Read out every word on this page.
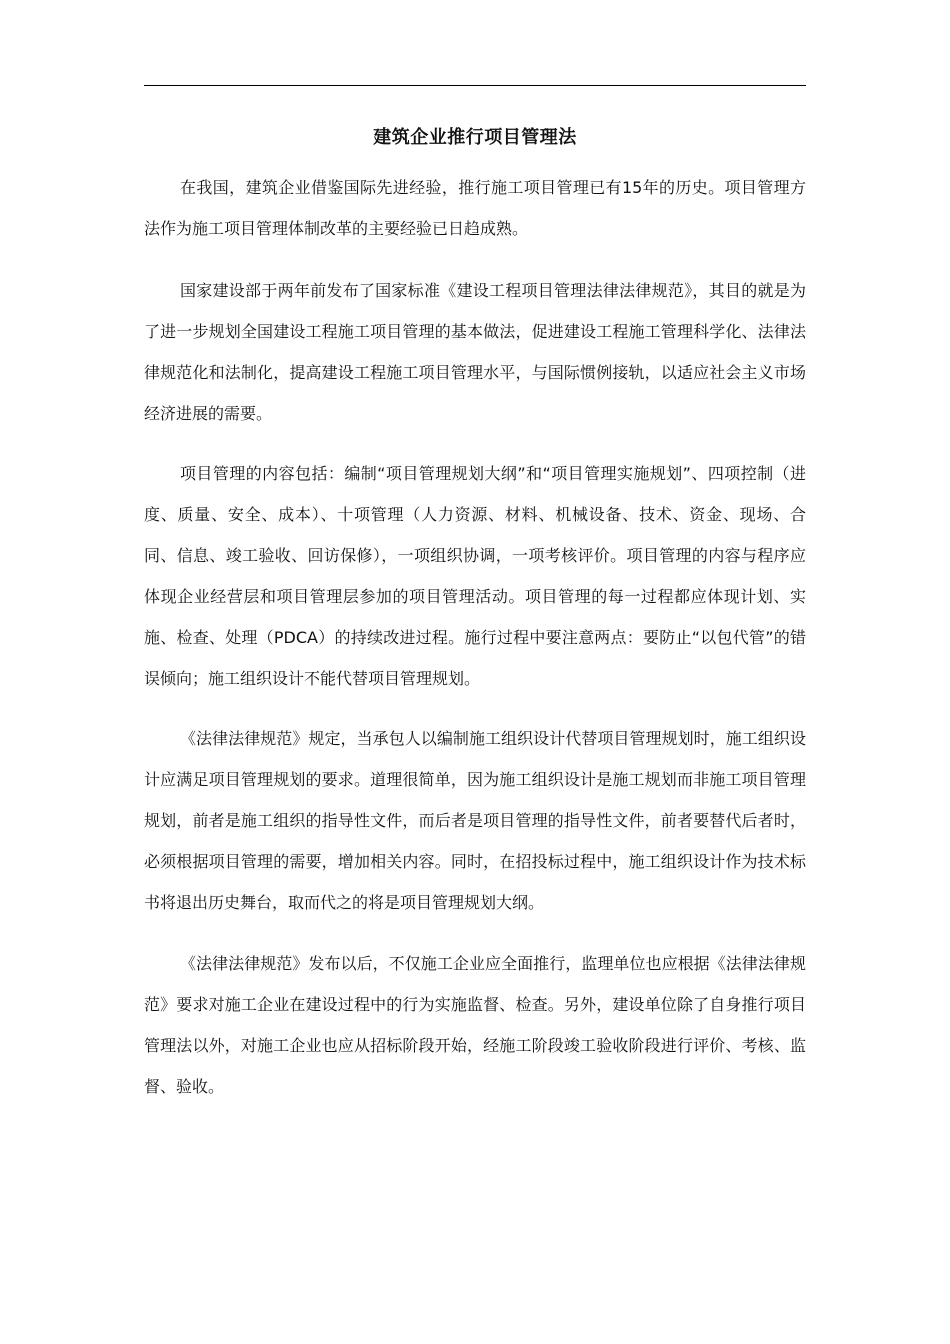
建筑企业推行项目管理法

在我国，建筑企业借鉴国际先进经验，推行施工项目管理已有15年的历史。项目管理方法作为施工项目管理体制改革的主要经验已日趋成熟。

国家建设部于两年前发布了国家标准《建设工程项目管理法律法律规范》，其目的就是为了进一步规划全国建设工程施工项目管理的基本做法，促进建设工程施工管理科学化、法律法律规范化和法制化，提高建设工程施工项目管理水平，与国际惯例接轨，以适应社会主义市场经济进展的需要。

项目管理的内容包括：编制“项目管理规划大纲”和“项目管理实施规划”、四项控制（进度、质量、安全、成本）、十项管理（人力资源、材料、机械设备、技术、资金、现场、合同、信息、竣工验收、回访保修），一项组织协调，一项考核评价。项目管理的内容与程序应体现企业经营层和项目管理层参加的项目管理活动。项目管理的每一过程都应体现计划、实施、检查、处理（PDCA）的持续改进过程。施行过程中要注意两点：要防止“以包代管”的错误倾向；施工组织设计不能代替项目管理规划。

《法律法律规范》规定，当承包人以编制施工组织设计代替项目管理规划时，施工组织设计应满足项目管理规划的要求。道理很简单，因为施工组织设计是施工规划而非施工项目管理规划，前者是施工组织的指导性文件，而后者是项目管理的指导性文件，前者要替代后者时，必须根据项目管理的需要，增加相关内容。同时，在招投标过程中，施工组织设计作为技术标书将退出历史舞台，取而代之的将是项目管理规划大纲。

《法律法律规范》发布以后，不仅施工企业应全面推行，监理单位也应根据《法律法律规范》要求对施工企业在建设过程中的行为实施监督、检查。另外，建设单位除了自身推行项目管理法以外，对施工企业也应从招标阶段开始，经施工阶段竣工验收阶段进行评价、考核、监督、验收。
